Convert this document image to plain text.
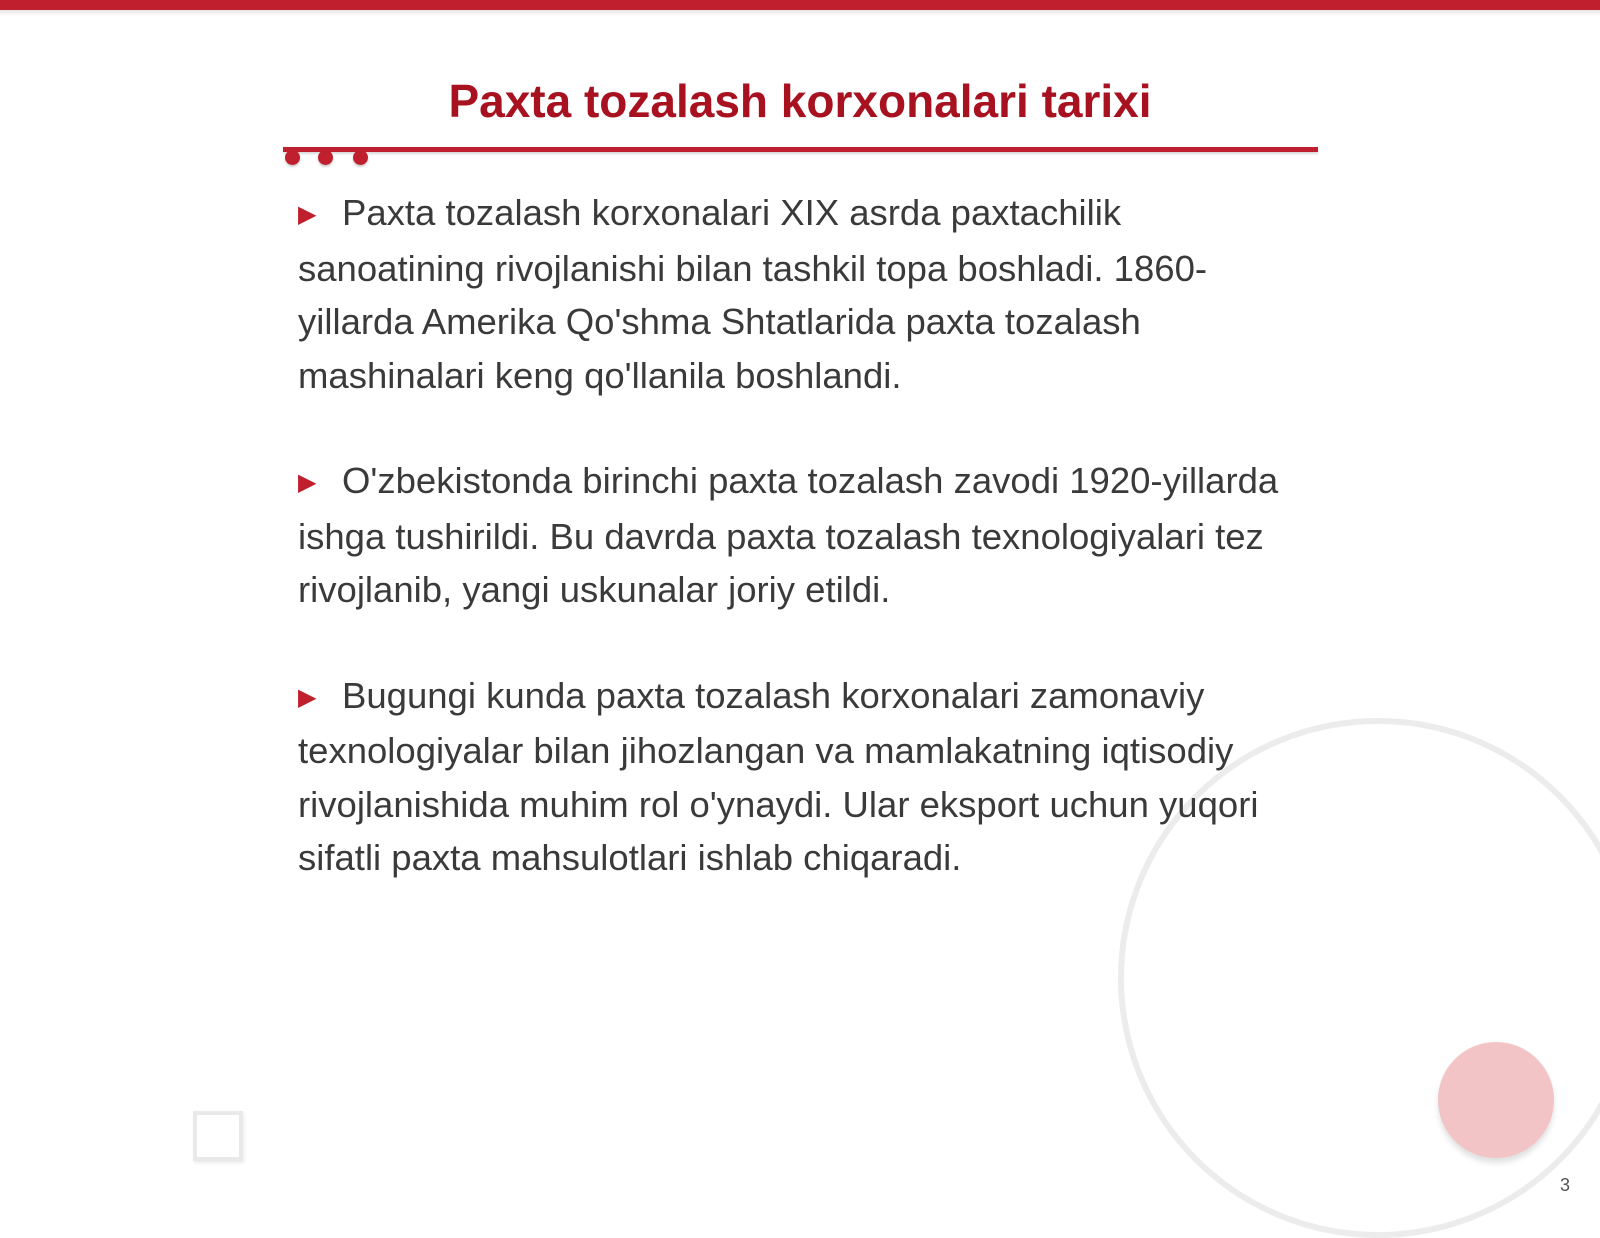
Paxta tozalash korxonalari tarixi

▶ Paxta tozalash korxonalari XIX asrda paxtachilik sanoatining rivojlanishi bilan tashkil topa boshladi. 1860-yillarda Amerika Qo'shma Shtatlarida paxta tozalash mashinalari keng qo'llanila boshlandi.

▶ O'zbekistonda birinchi paxta tozalash zavodi 1920-yillarda ishga tushirildi. Bu davrda paxta tozalash texnologiyalari tez rivojlanib, yangi uskunalar joriy etildi.

▶ Bugungi kunda paxta tozalash korxonalari zamonaviy texnologiyalar bilan jihozlangan va mamlakatning iqtisodiy rivojlanishida muhim rol o'ynaydi. Ular eksport uchun yuqori sifatli paxta mahsulotlari ishlab chiqaradi.

3
